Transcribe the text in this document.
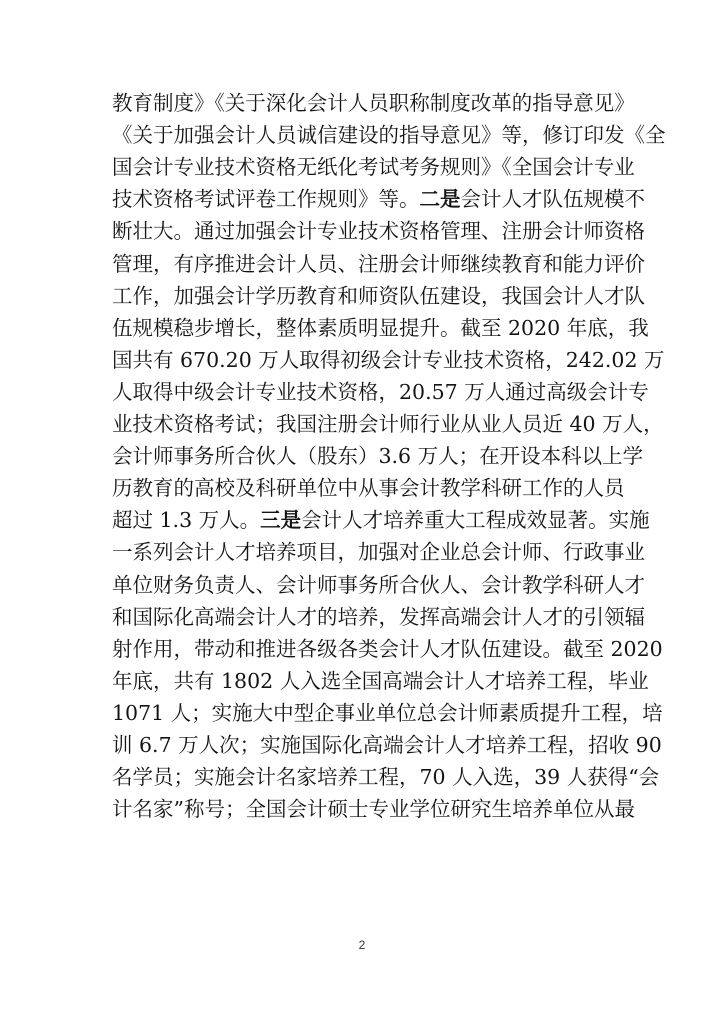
教育制度》《关于深化会计人员职称制度改革的指导意见》
《关于加强会计人员诚信建设的指导意见》等，修订印发《全
国会计专业技术资格无纸化考试考务规则》《全国会计专业
技术资格考试评卷工作规则》等。二是会计人才队伍规模不
断壮大。通过加强会计专业技术资格管理、注册会计师资格
管理，有序推进会计人员、注册会计师继续教育和能力评价
工作，加强会计学历教育和师资队伍建设，我国会计人才队
伍规模稳步增长，整体素质明显提升。截至 2020 年底，我
国共有 670.20 万人取得初级会计专业技术资格，242.02 万
人取得中级会计专业技术资格，20.57 万人通过高级会计专
业技术资格考试；我国注册会计师行业从业人员近 40 万人，
会计师事务所合伙人（股东）3.6 万人；在开设本科以上学
历教育的高校及科研单位中从事会计教学科研工作的人员
超过 1.3 万人。三是会计人才培养重大工程成效显著。实施
一系列会计人才培养项目，加强对企业总会计师、行政事业
单位财务负责人、会计师事务所合伙人、会计教学科研人才
和国际化高端会计人才的培养，发挥高端会计人才的引领辐
射作用，带动和推进各级各类会计人才队伍建设。截至 2020
年底，共有 1802 人入选全国高端会计人才培养工程，毕业
1071 人；实施大中型企事业单位总会计师素质提升工程，培
训 6.7 万人次；实施国际化高端会计人才培养工程，招收 90
名学员；实施会计名家培养工程，70 人入选，39 人获得“会
计名家”称号；全国会计硕士专业学位研究生培养单位从最
2
